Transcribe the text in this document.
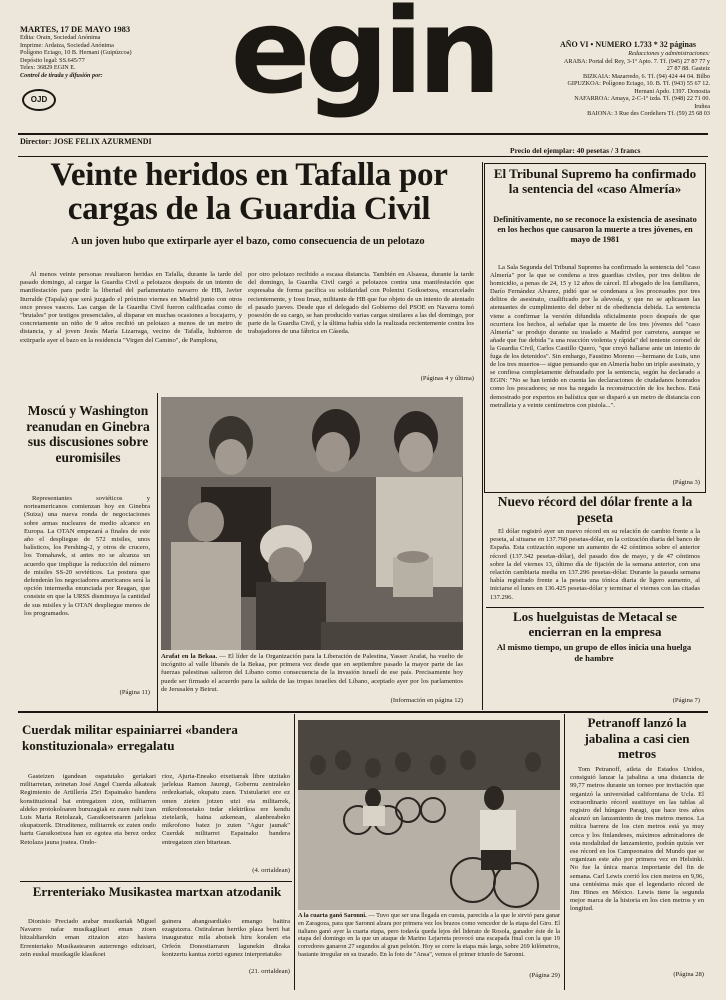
MARTES, 17 DE MAYO 1983
Edita: Orain, Sociedad Anónima
Imprime: Ardatza, Sociedad Anónima
Polígono Eciago, 10 B. Hernani (Guipúzcoa)
Depósito legal: SS.645/77
Telex: 36829 EGIN E.
Control de tirada y difusión por:
OJD egin	AÑO VI • NUMERO 1.733 * 32 páginas
Redacciones y administraciones:
ARABA: Portal del Rey, 3-1º Apto. 7. Tf. (945) 27 87 77 y 27 87 88. Gasteiz
BIZKAIA: Mazarredo, 6. Tf. (94) 424 44 04. Bilbo
GIPUZKOA: Polígono Eciago, 10. B. Tf. (943) 55 67 12. Hernani Apdo. 1397. Donostia
NAFARROA: Amaya, 2-C-1º izda. Tf. (948) 22 71 00. Iruñea
BAIONA: 3 Rue des Cordeliers Tf. (59) 25 68 03
Director: JOSE FELIX AZURMENDI
Precio del ejemplar: 40 pesetas / 3 francs
Veinte heridos en Tafalla por cargas de la Guardia Civil
A un joven hubo que extirparle ayer el bazo, como consecuencia de un pelotazo
Al menos veinte personas resultaron heridas en Tafalla, durante la tarde del pasado domingo, al cargar la Guardia Civil a pelotazos después de un intento de manifestación para pedir la libertad del parlamentario navarro de HB, Javier Iturralde (Tapala) que será juzgado el próximo viernes en Madrid junto con otros once presos vascos. Las cargas de la Guardia Civil fueron calificadas como de "brutales" por testigos presenciales, al disparar en muchas ocasiones a bocajarro, y concretamente un niño de 9 años recibió un pelotazo a menos de un metro de distancia, y al joven Jesús María Lizarraga, vecino de Tafalla, hubieron de extirparle ayer el bazo en la residencia "Virgen del Camino", de Pamplona,
por otro pelotazo recibido a escasa distancia. También en Alsasua, durante la tarde del domingo, la Guardia Civil cargó a pelotazos contra una manifestación que expresaba de forma pacífica su solidaridad con Polentxi Goikoetxea, encarcelado recientemente, y Iosu Imaz, militante de HB que fue objeto de un intento de atentado el pasado jueves. Desde que el delegado del Gobierno del PSOE en Navarra tomó posesión de su cargo, se han producido varias cargas similares a las del domingo, por parte de la Guardia Civil, y la última había sido la realizada recientemente contra los trabajadores de una fábrica en Cáseda.
(Páginas 4 y última)
Moscú y Washington reanudan en Ginebra sus discusiones sobre euromisiles
Representantes soviéticos y norteamericanos comienzan hoy en Ginebra (Suiza) una nueva ronda de negociaciones sobre armas nucleares de medio alcance en Europa. La OTAN empezará a finales de este año el despliegue de 572 misiles, unos balísticos, los Pershing-2, y otros de crucero, los Tomahawk, si antes no se alcanza un acuerdo que implique la reducción del número de misiles SS-20 soviéticos. La postura que defenderán los negociadores americanos será la opción intermedia enunciada por Reagan, que consiste en que la URSS disminuya la cantidad de sus misiles y la OTAN despliegue menos de los programados.
(Página 11)
Arafat en la Bekaa. — El líder de la Organización para la Liberación de Palestina, Yasser Arafat, ha vuelto de incógnito al valle libanés de la Bekaa, por primera vez desde que en septiembre pasado la mayor parte de las fuerzas palestinas salieron del Líbano como consecuencia de la invasión israelí de ese país. Precisamente hoy puede ser firmado el acuerdo para la salida de las tropas israelíes del Líbano, aceptado ayer por los parlamentos de Jerusalén y Beirut.
(Información en página 12)
El Tribunal Supremo ha confirmado la sentencia del «caso Almería»
Definitivamente, no se reconoce la existencia de asesinato en los hechos que causaron la muerte a tres jóvenes, en mayo de 1981
La Sala Segunda del Tribunal Supremo ha confirmado la sentencia del "caso Almería" por la que se condena a tres guardias civiles, por tres delitos de homicidio, a penas de 24, 15 y 12 años de cárcel. El abogado de los familiares, Darío Fernández Alvarez, pidió que se condenara a los procesados por tres delitos de asesinato, cualificado por la alevosía, y que no se aplicasen las atenuantes de cumplimiento del deber ni de obediencia debida. La sentencia viene a confirmar la versión difundida oficialmente poco después de que ocurriera los hechos, al señalar que la muerte de los tres jóvenes del "caso Almería" se produjo durante su traslado a Madrid por carretera, aunque se añade que fue debida "a una reacción violenta y rápida" del teniente coronel de la Guardia Civil, Carlos Castillo Quero, "que creyó hallarse ante un intento de fuga de los detenidos". Sin embargo, Faustino Moreno —hermano de Luis, uno de los tres muertos— sigue pensando que en Almería hubo un triple asesinato, y se confiesa completamente defraudado por la sentencia, según ha declarado a EGIN: "No se han tenido en cuenta las declaraciones de ciudadanos honrados como los pescadores; se nos ha negado la reconstrucción de los hechos. Está demostrado por expertos en balística que se disparó a un metro de distancia con metralleta y a veinte centímetros con pistola...".
(Página 3)
Nuevo récord del dólar frente a la peseta
El dólar registró ayer un nuevo récord en su relación de cambio frente a la peseta, al situarse en 137.760 pesetas-dólar, en la cotización diaria del banco de España. Esta cotización supone un aumento de 42 céntimos sobre el anterior récord (137.342 pesetas-dólar), del pasado dos de mayo, y de 47 céntimos sobre la del viernes 13, último día de fijación de la semana anterior, con una relación cambiaria media en 137.296 pesetas-dólar. Durante la pasada semana había registrado frente a la peseta una tónica diaria de ligero aumento, al iniciarse el lunes en 136.425 pesetas-dólar y terminar el viernes con las citadas 137.296.
Los huelguistas de Metacal se encierran en la empresa
Al mismo tiempo, un grupo de ellos inicia una huelga de hambre
(Página 7)
Cuerdak militar espainiarrei «bandera konstituzionala» erregalatu
Gasteizen igandean ospatutako geriakari militarretan, zeinetan José Angel Cuerda alkateak Regimiento de Artillería 25ri Espainako bandera konstituzional bat entregatzen zion, militarren aldeko protokoloaren buruzagiak ez zuen nahi izan Luis Maria Retolazak, Garaikoetxearen jarlekua okupatzerik. Diruditenez, militarrek ez zuten ondo hartu Garaikoetxea han ez egotea eta berez ordez Retolaza jauna joatea. Ondo-
rioz, Ajuria-Eneako etxetiarrak libre utzitako jarlekua Ramon Jauregi, Gobernu zentraleko ordezkariak, okupatu zuen. Txistulariei ere ez omen zieten jotzen utzi eta militarrek, mikrofonoetako indar elektrikoa ere kendu zietelarik, baina azkenean, alanbreabeko mikrofono batez jo zuten "Agur jaunak" Cuerdak militarrei Espainako bandera entregatzen zien bitartean.
(4. orrialdean)
Errenteriako Musikastea martxan atzodanik
Dionisio Preciado arabar musikariak Miguel Navarro nafar musikagileari eman zioen hitzaldiarekin eman zitzaion atzo hasiera Errenteriako Musikastearen auterrengo edizioari, zein euskal musikagile klasikoei
gainera abangoardiako emango baitira ezagutzera. Ostiraleran herriko plaza berri bat inauguratuz mila abotsek hiru koralen eta Orfeón Donostiarraren lagunekin diraka kontzertu kantua zortzi egunez interpretatuko
(21. orrialdean)
A la cuarta ganó Saronni. — Tuvo que ser una llegada en cuesta, parecida a la que le sirvió para ganar en Zaragoza, para que Saronni alzara por primera vez los brazos como vencedor de la etapa del Giro. El italiano ganó ayer la cuarta etapa, pero todavía queda lejos del liderato de Rosola, ganador éste de la etapa del domingo en la que un ataque de Marino Lejarreta provocó una escapada final con la que 19 corredores ganaron 27 segundos al gran pelotón. Hoy se corre la etapa más larga, sobre 269 kilómetros, bastante irregular en su trazado. En la foto de "Ansa", vemos el primer triunfo de Saronni.
(Página 29)
Petranoff lanzó la jabalina a casi cien metros
Tom Petranoff, atleta de Estados Unidos, consiguió lanzar la jabalina a una distancia de 99,77 metros durante un torneo por invitación que organizó la universidad californiana de Ucla. El extraordinario récord sustituye en las tablas al registro del húngaro Paragi, que hace tres años alcanzó un lanzamiento de tres metros menos. La mítica barrera de los cien metros está ya muy cerca y los finlandeses, máximos admiradores de esta modalidad de lanzamiento, podrán quizás ver ese récord en los Campeonatos del Mundo que se organizan este año por primera vez en Helsinki. No fue la única marca importante del fin de semana. Carl Lewis corrió los cien metros en 9,96, una centésima más que el legendario récord de Jim Hines en México. Lewis tiene la segunda mejor marca de la historia en los cien metros y en longitud.
(Página 28)
